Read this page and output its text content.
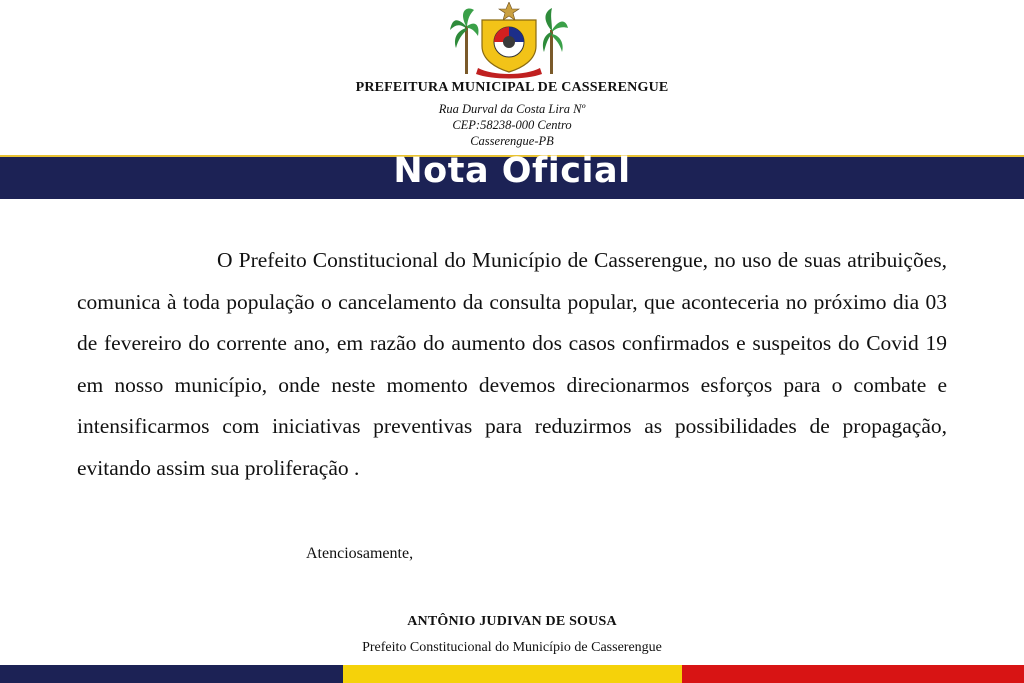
PREFEITURA MUNICIPAL DE CASSERENGUE
Rua Durval da Costa Lira Nº
CEP:58238-000 Centro
Casserengue-PB
Nota Oficial

O Prefeito Constitucional do Município de Casserengue, no uso de suas atribuições, comunica à toda população o cancelamento da consulta popular, que aconteceria no próximo dia 03 de fevereiro do corrente ano, em razão do aumento dos casos confirmados e suspeitos do Covid 19 em nosso município, onde neste momento devemos direcionarmos esforços para o combate e intensificarmos com iniciativas preventivas para reduzirmos as possibilidades de propagação, evitando assim sua proliferação .

Atenciosamente,
ANTÔNIO JUDIVAN DE SOUSA
Prefeito Constitucional do Município de Casserengue
